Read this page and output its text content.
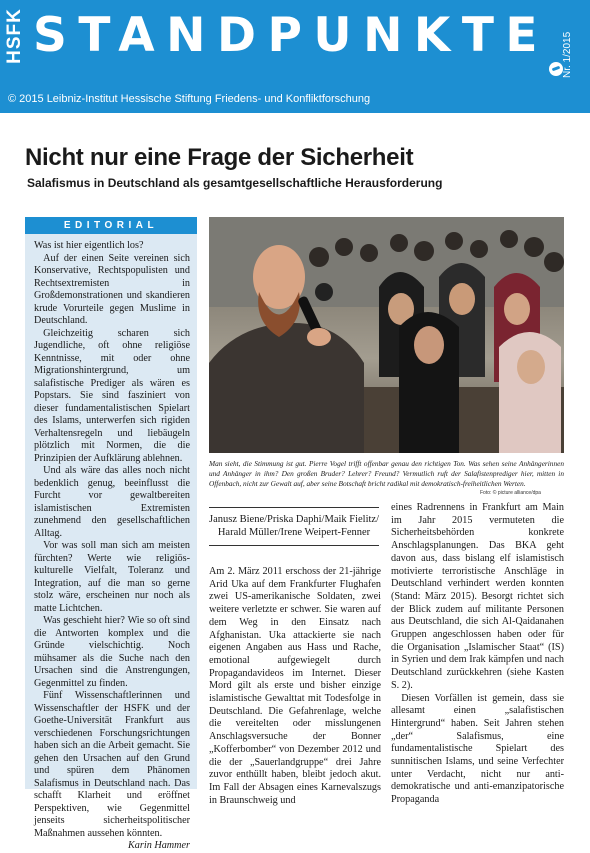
HSFK STANDPUNKTE Nr. 1/2015
© 2015 Leibniz-Institut Hessische Stiftung Friedens- und Konfliktforschung
Nicht nur eine Frage der Sicherheit
Salafismus in Deutschland als gesamtgesellschaftliche Herausforderung
EDITORIAL

Was ist hier eigentlich los?

Auf der einen Seite vereinen sich Konservative, Rechtspopulisten und Rechtsextremisten in Großdemonstrationen und skandieren krude Vorurteile gegen Muslime in Deutschland.

Gleichzeitig scharen sich Jugendliche, oft ohne religiöse Kenntnisse, mit oder ohne Migrationshintergrund, um salafistische Prediger als wären es Popstars. Sie sind fasziniert von dieser fundamentalistischen Spielart des Islams, unterwerfen sich rigiden Verhaltensregeln und liebäugeln plötzlich mit Normen, die die Prinzipien der Aufklärung ablehnen.

Und als wäre das alles noch nicht bedenklich genug, beeinflusst die Furcht vor gewaltbereiten islamistischen Extremisten zunehmend den gesellschaftlichen Alltag.

Vor was soll man sich am meisten fürchten? Werte wie religiös-kulturelle Vielfalt, Toleranz und Integration, auf die man so gerne stolz wäre, erscheinen nur noch als matte Lichtchen.

Was geschieht hier? Wie so oft sind die Antworten komplex und die Gründe vielschichtig. Noch mühsamer als die Suche nach den Ursachen sind die Anstrengungen, Gegenmittel zu finden.

Fünf Wissenschaftlerinnen und Wissenschaftler der HSFK und der Goethe-Universität Frankfurt aus verschiedenen Forschungsrichtungen haben sich an die Arbeit gemacht. Sie gehen den Ursachen auf den Grund und spüren dem Phänomen Salafismus in Deutschland nach. Das schafft Klarheit und eröffnet Perspektiven, wie Gegenmittel jenseits sicherheitspolitischer Maßnahmen aussehen könnten.

Karin Hammer
Man sieht, die Stimmung ist gut. Pierre Vogel trifft offenbar genau den richtigen Ton. Was sehen seine Anhängerinnen und Anhänger in ihm? Den großen Bruder? Lehrer? Freund? Vermutlich ruft der Salafistenprediger hier, mitten in Offenbach, nicht zur Gewalt auf, aber seine Botschaft bricht radikal mit demokratisch-freiheitlichen Werten.
Foto: © picture alliance/dpa
Janusz Biene/Priska Daphi/Maik Fielitz/
Harald Müller/Irene Weipert-Fenner

Am 2. März 2011 erschoss der 21-jährige Arid Uka auf dem Frankfurter Flughafen zwei US-amerikanische Soldaten, zwei weitere verletzte er schwer. Sie waren auf dem Weg in den Einsatz nach Afghanistan. Uka attackierte sie nach eigenen Angaben aus Hass und Rache, emotional aufgewiegelt durch Propagandavideos im Internet. Dieser Mord gilt als erste und bisher einzige islamistische Gewalttat mit Todesfolge in Deutschland. Die Gefahrenlage, welche die vereitelten oder misslungenen Anschlagsversuche der Bonner „Kofferbomber“ von Dezember 2012 und die der „Sauerlandgruppe“ drei Jahre zuvor enthüllt haben, bleibt jedoch akut. Im Fall der Absagen eines Karnevalszugs in Braunschweig und

eines Radrennens in Frankfurt am Main im Jahr 2015 vermuteten die Sicherheitsbehörden konkrete Anschlagsplanungen. Das BKA geht davon aus, dass bislang elf islamistisch motivierte terroristische Anschläge in Deutschland verhindert werden konnten (Stand: März 2015). Besorgt richtet sich der Blick zudem auf militante Personen aus Deutschland, die sich Al-Qaidanahen Gruppen angeschlossen haben oder für die Organisation „Islamischer Staat“ (IS) in Syrien und dem Irak kämpfen und nach Deutschland zurückkehren (siehe Kasten S. 2).

Diesen Vorfällen ist gemein, dass sie allesamt einen „salafistischen Hintergrund“ haben. Seit Jahren stehen „der“ Salafismus, eine fundamentalistische Spielart des sunnitischen Islams, und seine Verfechter unter Verdacht, nicht nur anti-demokratische und anti-emanzipatorische Propaganda
